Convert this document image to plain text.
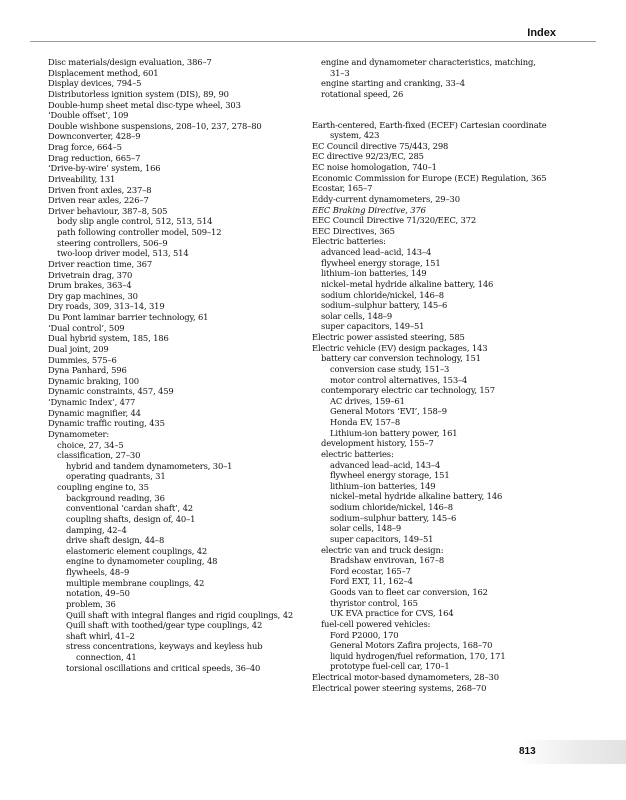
Index
Disc materials/design evaluation, 386–7
Displacement method, 601
Display devices, 794–5
Distributorless ignition system (DIS), 89, 90
Double-hump sheet metal disc-type wheel, 303
‘Double offset’, 109
Double wishbone suspensions, 208–10, 237, 278–80
Downconverter, 428–9
Drag force, 664–5
Drag reduction, 665–7
‘Drive-by-wire’ system, 166
Driveability, 131
Driven front axles, 237–8
Driven rear axles, 226–7
Driver behaviour, 387–8, 505
body slip angle control, 512, 513, 514
path following controller model, 509–12
steering controllers, 506–9
two-loop driver model, 513, 514
Driver reaction time, 367
Drivetrain drag, 370
Drum brakes, 363–4
Dry gap machines, 30
Dry roads, 309, 313–14, 319
Du Pont laminar barrier technology, 61
‘Dual control’, 509
Dual hybrid system, 185, 186
Dual joint, 209
Dummies, 575–6
Dyna Panhard, 596
Dynamic braking, 100
Dynamic constraints, 457, 459
‘Dynamic Index’, 477
Dynamic magnifier, 44
Dynamic traffic routing, 435
Dynamometer:
choice, 27, 34–5
classification, 27–30
hybrid and tandem dynamometers, 30–1
operating quadrants, 31
coupling engine to, 35
background reading, 36
conventional ‘cardan shaft’, 42
coupling shafts, design of, 40–1
damping, 42–4
drive shaft design, 44–8
elastomeric element couplings, 42
engine to dynamometer coupling, 48
flywheels, 48–9
multiple membrane couplings, 42
notation, 49–50
problem, 36
Quill shaft with integral flanges and rigid couplings, 42
Quill shaft with toothed/gear type couplings, 42
shaft whirl, 41–2
stress concentrations, keyways and keyless hub
connection, 41
torsional oscillations and critical speeds, 36–40
engine and dynamometer characteristics, matching,
31–3
engine starting and cranking, 33–4
rotational speed, 26
Earth-centered, Earth-fixed (ECEF) Cartesian coordinate
system, 423
EC Council directive 75/443, 298
EC directive 92/23/EC, 285
EC noise homologation, 740–1
Economic Commission for Europe (ECE) Regulation, 365
Ecostar, 165–7
Eddy-current dynamometers, 29–30
EEC Braking Directive, 376
EEC Council Directive 71/320/EEC, 372
EEC Directives, 365
Electric batteries:
advanced lead–acid, 143–4
flywheel energy storage, 151
lithium–ion batteries, 149
nickel–metal hydride alkaline battery, 146
sodium chloride/nickel, 146–8
sodium–sulphur battery, 145–6
solar cells, 148–9
super capacitors, 149–51
Electric power assisted steering, 585
Electric vehicle (EV) design packages, 143
battery car conversion technology, 151
conversion case study, 151–3
motor control alternatives, 153–4
contemporary electric car technology, 157
AC drives, 159–61
General Motors ‘EVI’, 158–9
Honda EV, 157–8
Lithium-ion battery power, 161
development history, 155–7
electric batteries:
advanced lead–acid, 143–4
flywheel energy storage, 151
lithium–ion batteries, 149
nickel–metal hydride alkaline battery, 146
sodium chloride/nickel, 146–8
sodium–sulphur battery, 145–6
solar cells, 148–9
super capacitors, 149–51
electric van and truck design:
Bradshaw envirovan, 167–8
Ford ecostar, 165–7
Ford EXT, 11, 162–4
Goods van to fleet car conversion, 162
thyristor control, 165
UK EVA practice for CVS, 164
fuel-cell powered vehicles:
Ford P2000, 170
General Motors Zafira projects, 168–70
liquid hydrogen/fuel reformation, 170, 171
prototype fuel-cell car, 170–1
Electrical motor-based dynamometers, 28–30
Electrical power steering systems, 268–70
813
